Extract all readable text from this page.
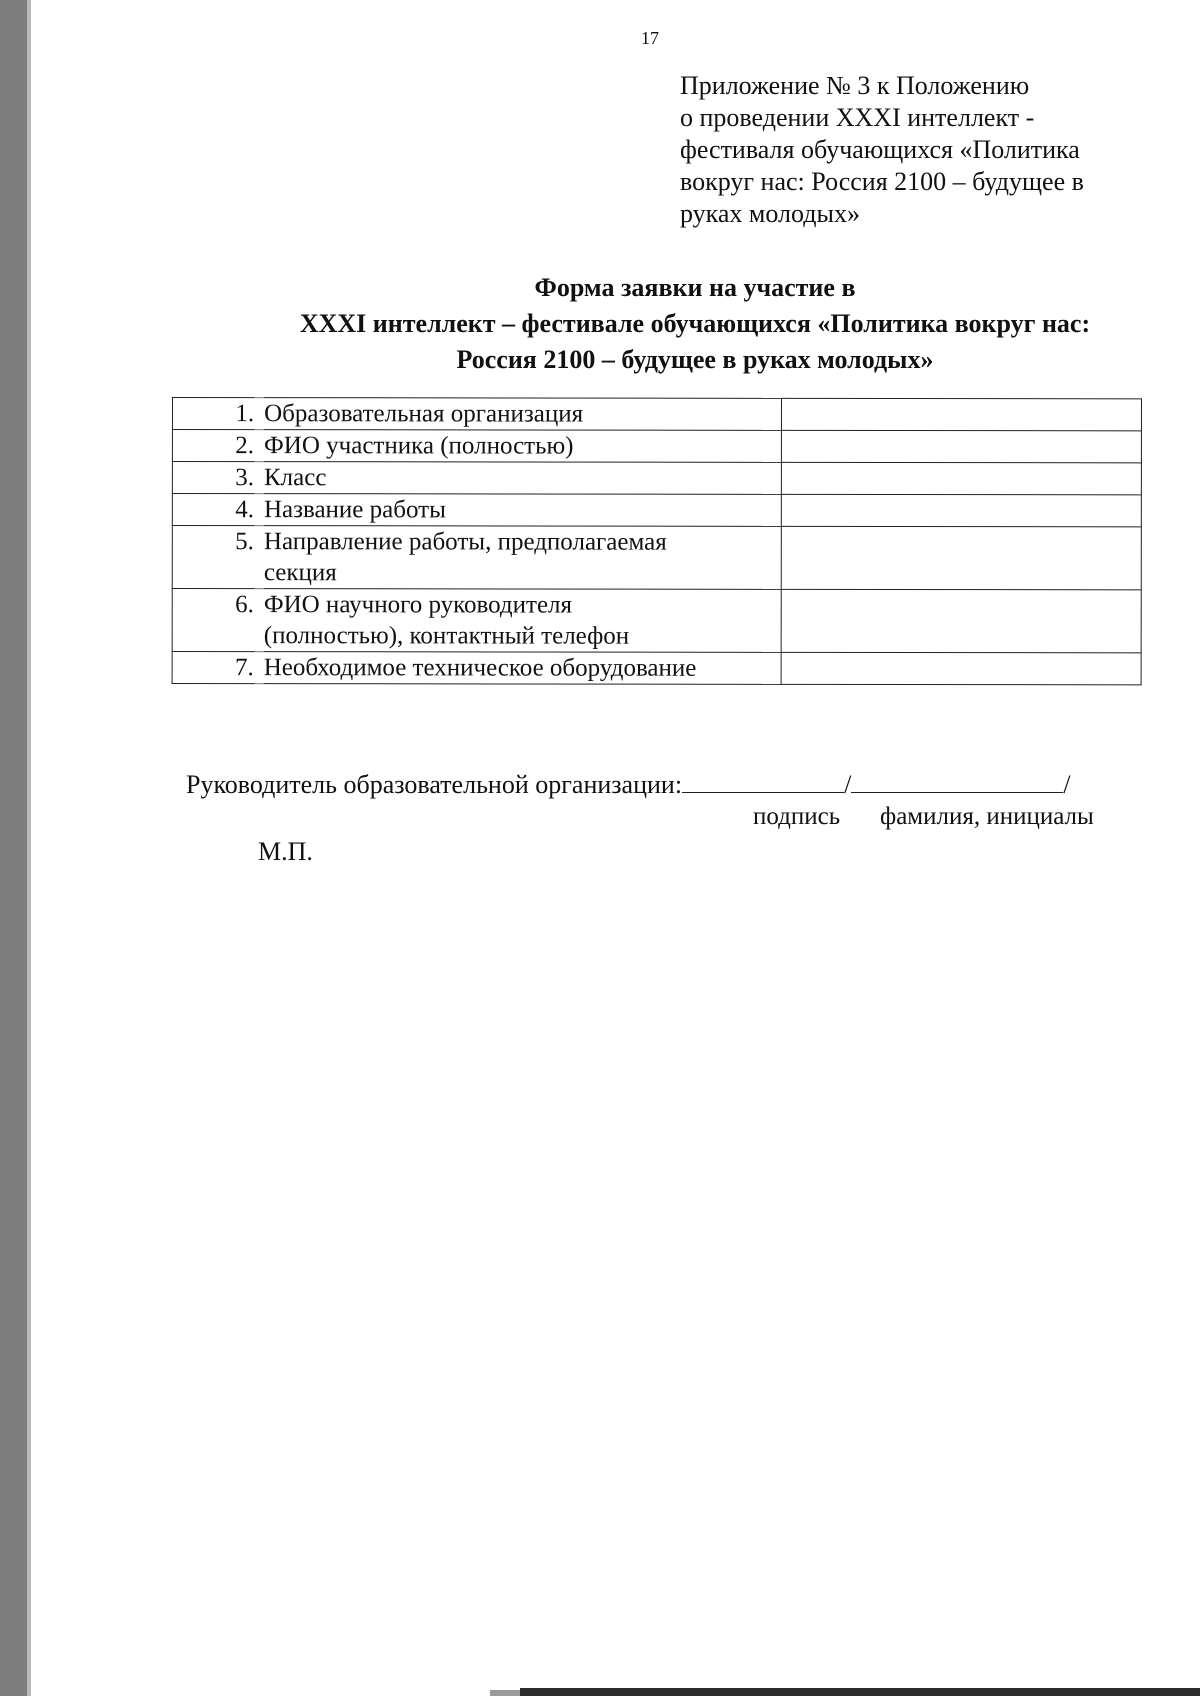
17
Приложение № 3 к Положению
о проведении XXXI интеллект -
фестиваля обучающихся «Политика
вокруг нас: Россия 2100 – будущее в
руках молодых»
Форма заявки на участие в
XXXI интеллект – фестивале обучающихся «Политика вокруг нас:
Россия 2100 – будущее в руках молодых»
1.	Образовательная организация	

2.	ФИО участника (полностью)	

3.	Класс	

4.	Название работы	

5.	Направление работы, предполагаемая
секция	

6.	ФИО научного руководителя
(полностью), контактный телефон	

7.	Необходимое техническое оборудование	

Руководитель образовательной организации:	/	/
подпись фамилия, инициалы
М.П.
